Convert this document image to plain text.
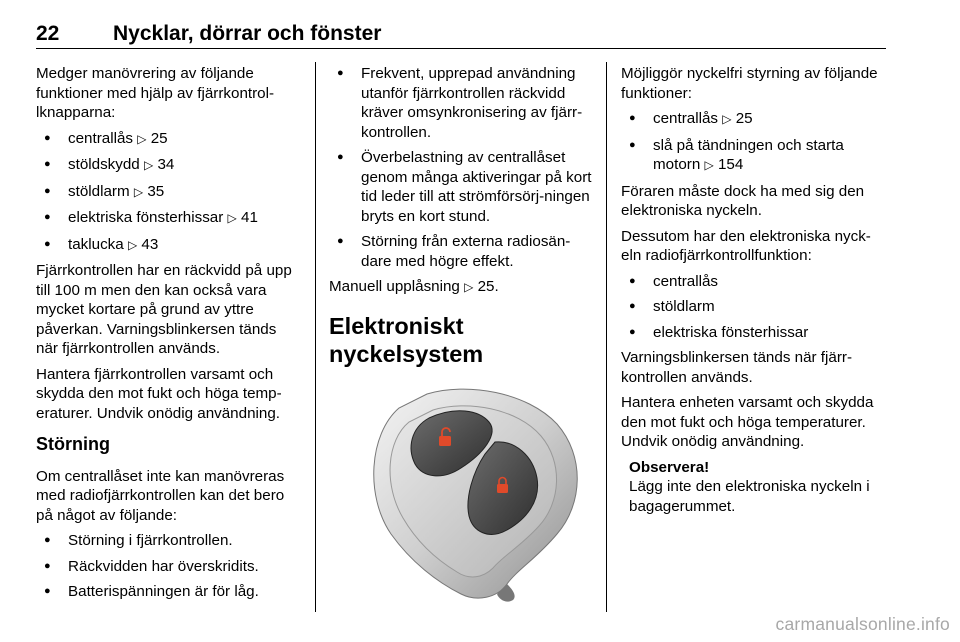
22	Nycklar, dörrar och fönster

Medger manövrering av följande funktioner med hjälp av fjärrkontrol-lknapparna:

● centrallås ▷ 25
● stöldskydd ▷ 34
● stöldlarm ▷ 35
● elektriska fönsterhissar ▷ 41
● taklucka ▷ 43

Fjärrkontrollen har en räckvidd på upp till 100 m men den kan också vara mycket kortare på grund av yttre påverkan. Varningsblinkersen tänds när fjärrkontrollen används.

Hantera fjärrkontrollen varsamt och skydda den mot fukt och höga temp-eraturer. Undvik onödig användning.

Störning

Om centrallåset inte kan manövreras med radiofjärrkontrollen kan det bero på något av följande:

● Störning i fjärrkontrollen.
● Räckvidden har överskridits.
● Batterispänningen är för låg.
● Frekvent, upprepad användning utanför fjärrkontrollen räckvidd kräver omsynkronisering av fjärr-kontrollen.
● Överbelastning av centrallåset genom många aktiveringar på kort tid leder till att strömförsörj-ningen bryts en kort stund.
● Störning från externa radiosän-dare med högre effekt.

Manuell upplåsning ▷ 25.

Elektroniskt nyckelsystem

Möjliggör nyckelfri styrning av följande funktioner:

● centrallås ▷ 25
● slå på tändningen och starta motorn ▷ 154

Föraren måste dock ha med sig den elektroniska nyckeln.

Dessutom har den elektroniska nyck-eln radiofjärrkontrollfunktion:

● centrallås
● stöldlarm
● elektriska fönsterhissar

Varningsblinkersen tänds när fjärr-kontrollen används.

Hantera enheten varsamt och skydda den mot fukt och höga temperaturer. Undvik onödig användning.

Observera!
Lägg inte den elektroniska nyckeln i bagagerummet.
carmanualsonline.info
